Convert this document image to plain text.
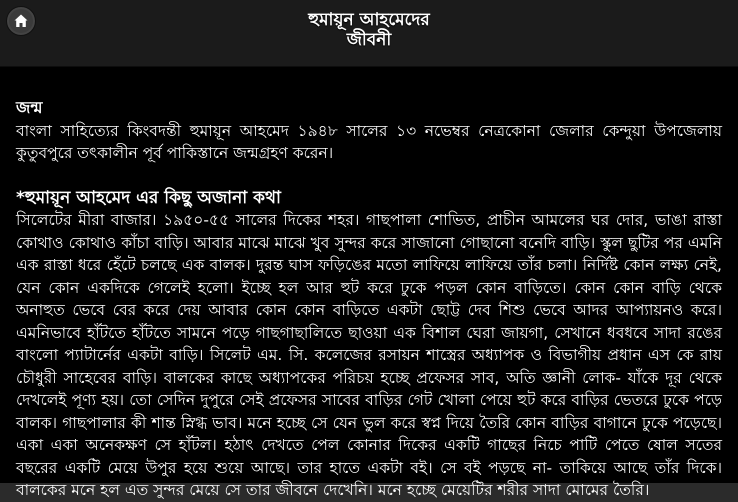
হুমায়ূন আহমেদের
জীবনী

জন্ম

বাংলা সাহিত্যের কিংবদন্তী হুমায়ূন আহমেদ ১৯৪৮ সালের ১৩ নভেম্বর নেত্রকোনা জেলার কেন্দুয়া উপজেলায় কুতুবপুরে তৎকালীন পূর্ব পাকিস্তানে জন্মগ্রহণ করেন।

*হুমায়ূন আহমেদ এর কিছু অজানা কথা

সিলেটের মীরা বাজার। ১৯৫০-৫৫ সালের দিকের শহর। গাছপালা শোভিত, প্রাচীন আমলের ঘর দোর, ভাঙা রাস্তা কোথাও কোথাও কাঁচা বাড়ি। আবার মাঝে মাঝে খুব সুন্দর করে সাজানো গোছানো বনেদি বাড়ি। স্কুল ছুটির পর এমনি এক রাস্তা ধরে হেঁটে চলছে এক বালক। দুরন্ত ঘাস ফড়িঙের মতো লাফিয়ে লাফিয়ে তাঁর চলা। নির্দিষ্ট কোন লক্ষ্য নেই, যেন কোন একদিকে গেলেই হলো। ইচ্ছে হল আর হুট করে ঢুকে পড়ল কোন বাড়িতে। কোন কোন বাড়ি থেকে অনাহুত ভেবে বের করে দেয় আবার কোন কোন বাড়িতে একটা ছোট্ট দেব শিশু ভেবে আদর আপ্যায়নও করে। এমনিভাবে হাঁটতে হাঁটতে সামনে পড়ে গাছগাছালিতে ছাওয়া এক বিশাল ঘেরা জায়গা, সেখানে ধবধবে সাদা রঙের বাংলো প্যাটার্নের একটা বাড়ি। সিলেট এম. সি. কলেজের রসায়ন শাস্ত্রের অধ্যাপক ও বিভাগীয় প্রধান এস কে রায় চৌধুরী সাহেবের বাড়ি। বালকের কাছে অধ্যাপকের পরিচয় হচ্ছে প্রফেসর সাব, অতি জ্ঞানী লোক- যাঁকে দূর থেকে দেখলেই পূণ্য হয়। তো সেদিন দুপুরে সেই প্রফেসর সাবের বাড়ির গেট খোলা পেয়ে হুট করে বাড়ির ভেতরে ঢুকে পড়ে বালক। গাছপালার কী শান্ত স্নিগ্ধ ভাব। মনে হচ্ছে সে যেন ভুল করে স্বপ্ন দিয়ে তৈরি কোন বাড়ির বাগানে ঢুকে পড়েছে। একা একা অনেকক্ষণ সে হাঁটল। হঠাৎ দেখতে পেল কোনার দিকের একটি গাছের নিচে পাটি পেতে ষোল সতের বছরের একটি মেয়ে উপুর হয়ে শুয়ে আছে। তার হাতে একটা বই। সে বই পড়ছে না- তাকিয়ে আছে তাঁর দিকে। বালকের মনে হল এত সুন্দর মেয়ে সে তার জীবনে দেখেনি। মনে হচ্ছে মেয়েটির শরীর সাদা মোমের তৈরি।
